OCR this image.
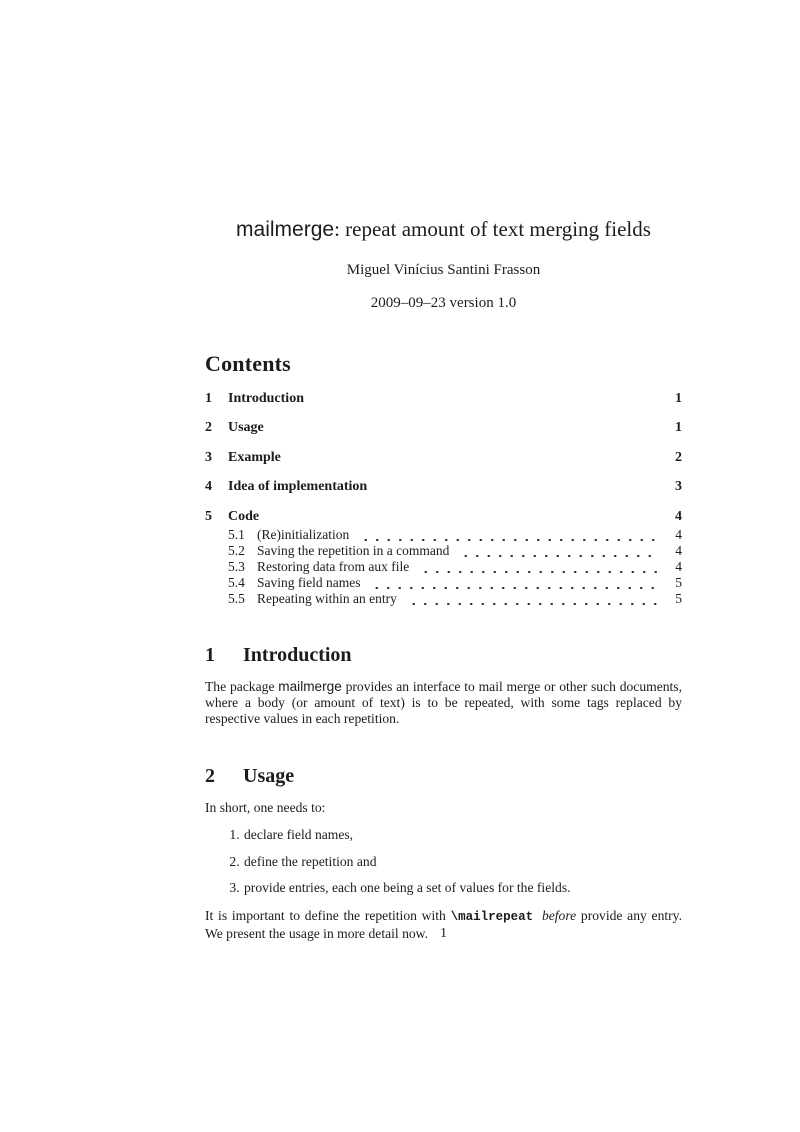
mailmerge: repeat amount of text merging fields
Miguel Vinícius Santini Frasson
2009–09–23 version 1.0
Contents
1	Introduction	1
2	Usage	1
3	Example	2
4	Idea of implementation	3
5	Code	4
5.1 (Re)initialization	4
5.2 Saving the repetition in a command	4
5.3 Restoring data from aux file	4
5.4 Saving field names	5
5.5 Repeating within an entry	5
1	Introduction

The package mailmerge provides an interface to mail merge or other such documents, where a body (or amount of text) is to be repeated, with some tags replaced by respective values in each repetition.

2	Usage

In short, one needs to:

1. declare field names,
2. define the repetition and
3. provide entries, each one being a set of values for the fields.

It is important to define the repetition with \mailrepeat before provide any entry. We present the usage in more detail now. 1
